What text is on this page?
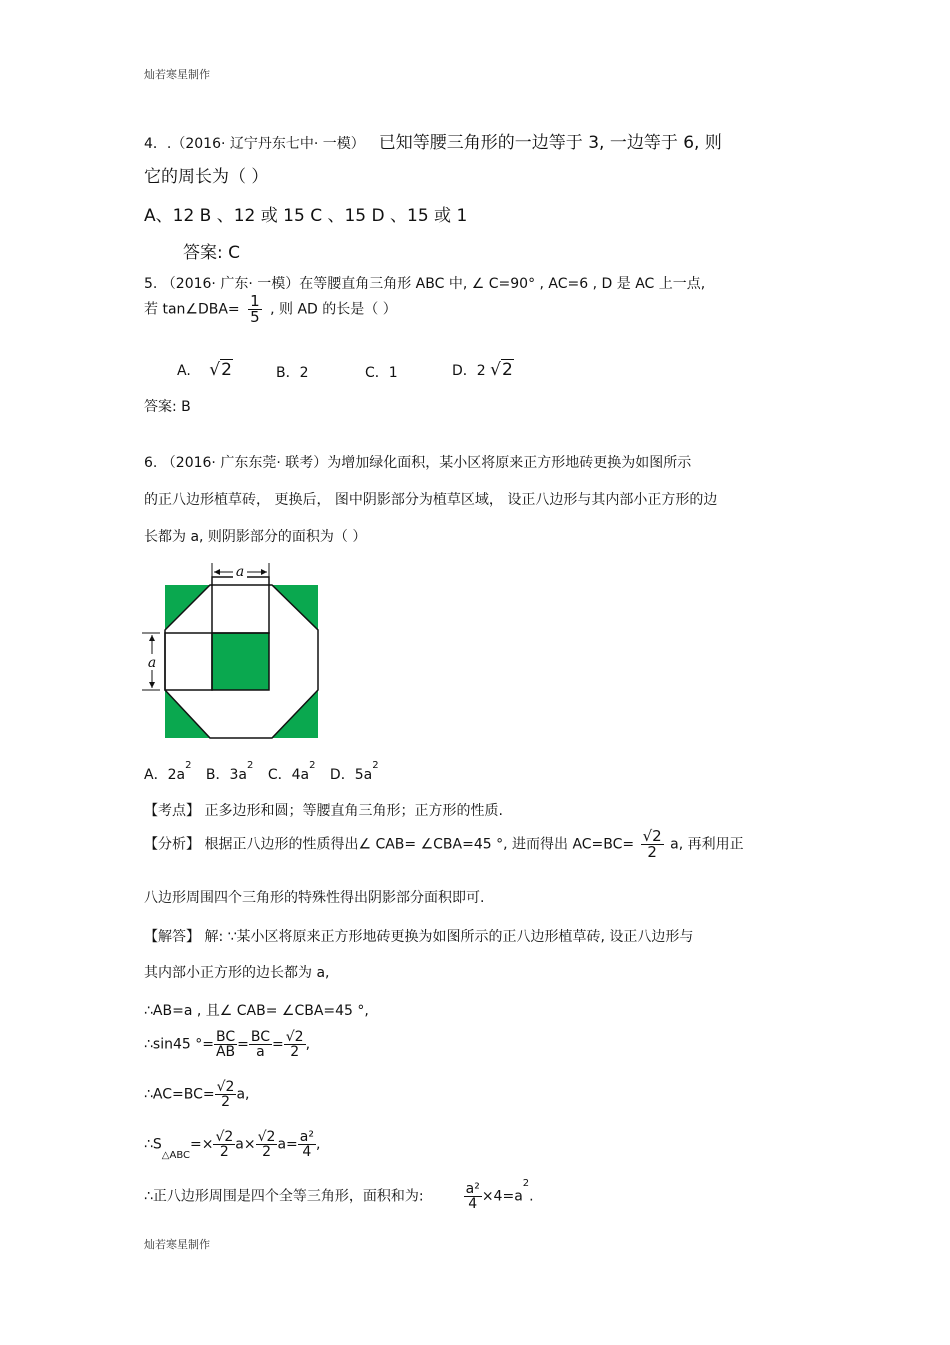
灿若寒星制作
4．.（2016· 辽宁丹东七中· 一模） 已知等腰三角形的一边等于 3, 一边等于 6, 则
它的周长为（ ）
A、12 B 、12 或 15 C 、15 D 、15 或 1
答案: C
5. （2016· 广东· 一模）在等腰直角三角形 ABC 中, ∠ C=90° , AC=6 , D 是 AC 上一点,
若 tan∠DBA= $\frac{1}{5}$ , 则 AD 的长是（ ）
A. √2	B．2	C．1	D．2 √2
答案: B
6. （2016· 广东东莞· 联考）为增加绿化面积，某小区将原来正方形地砖更换为如图所示
的正八边形植草砖， 更换后， 图中阴影部分为植草区域， 设正八边形与其内部小正方形的边
长都为 a, 则阴影部分的面积为（ ）
a
a
A．$2a^2$ B．$3a^2$ C．$4a^2$ D．$5a^2$
【考点】 正多边形和圆；等腰直角三角形；正方形的性质.
【分析】 根据正八边形的性质得出∠ CAB= ∠CBA=45 °, 进而得出 $AC=BC= \frac{√2}{2} a$, 再利用正
八边形周围四个三角形的特殊性得出阴影部分面积即可.
【解答】 解: ∵某小区将原来正方形地砖更换为如图所示的正八边形植草砖, 设正八边形与
其内部小正方形的边长都为 a,
∴AB=a , 且∠ CAB= ∠CBA=45 °,
∴sin45 °= $\frac{BC}{AB} = \frac{BC}{a} = \frac{√2}{2}$ ,
∴AC=BC= $\frac{√2}{2} a$,
∴S△ABC=× $\frac{√2}{2} a\times \frac{√2}{2} a= \frac{\text{a²}}{4}$ ,
∴正八边形周围是四个全等三角形，面积和为:	$\frac{\text{a²}}{4} \times 4=a^2$.
灿若寒星制作
